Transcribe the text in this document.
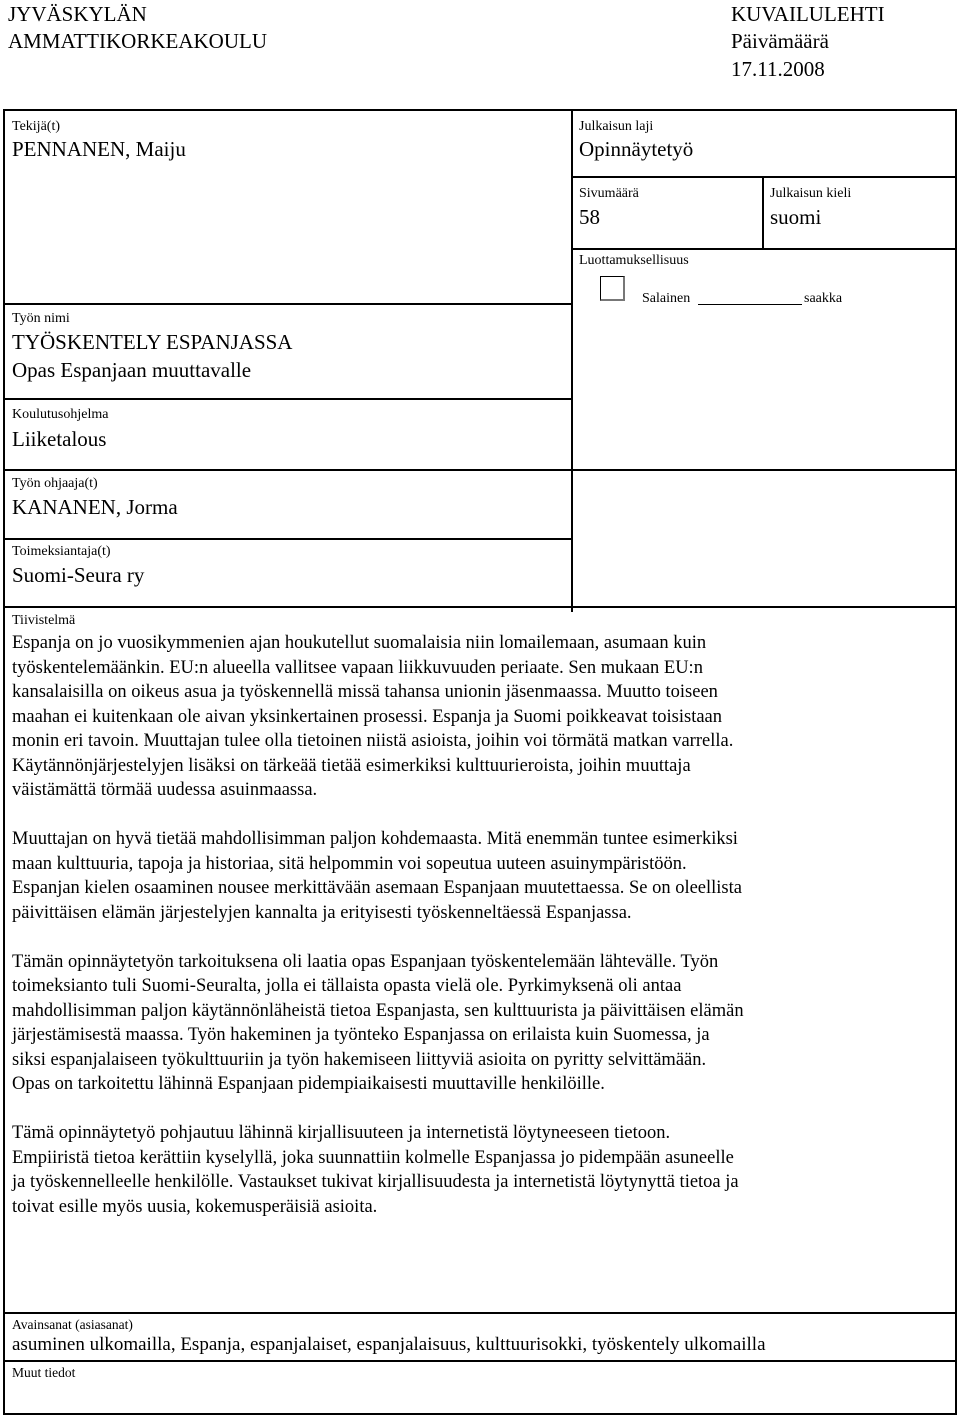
JYVÄSKYLÄN
AMMATTIKORKEAKOULU
KUVAILULEHTI
Päivämäärä
17.11.2008
Tekijä(t)
PENNANEN, Maiju
Työn nimi
TYÖSKENTELY ESPANJASSA
Opas Espanjaan muuttavalle
Koulutusohjelma
Liiketalous
Työn ohjaaja(t)
KANANEN, Jorma
Toimeksiantaja(t)
Suomi-Seura ry
Julkaisun laji
Opinnäytetyö
Sivumäärä
58
Julkaisun kieli
suomi
Luottamuksellisuus
Salainen	saakka
Tiivistelmä
Espanja on jo vuosikymmenien ajan houkutellut suomalaisia niin lomailemaan, asumaan kuin
työskentelemäänkin. EU:n alueella vallitsee vapaan liikkuvuuden periaate. Sen mukaan EU:n
kansalaisilla on oikeus asua ja työskennellä missä tahansa unionin jäsenmaassa. Muutto toiseen
maahan ei kuitenkaan ole aivan yksinkertainen prosessi. Espanja ja Suomi poikkeavat toisistaan
monin eri tavoin. Muuttajan tulee olla tietoinen niistä asioista, joihin voi törmätä matkan varrella.
Käytännönjärjestelyjen lisäksi on tärkeää tietää esimerkiksi kulttuurieroista, joihin muuttaja
väistämättä törmää uudessa asuinmaassa.
Muuttajan on hyvä tietää mahdollisimman paljon kohdemaasta. Mitä enemmän tuntee esimerkiksi
maan kulttuuria, tapoja ja historiaa, sitä helpommin voi sopeutua uuteen asuinympäristöön.
Espanjan kielen osaaminen nousee merkittävään asemaan Espanjaan muutettaessa. Se on oleellista
päivittäisen elämän järjestelyjen kannalta ja erityisesti työskenneltäessä Espanjassa.
Tämän opinnäytetyön tarkoituksena oli laatia opas Espanjaan työskentelemään lähtevälle. Työn
toimeksianto tuli Suomi-Seuralta, jolla ei tällaista opasta vielä ole. Pyrkimyksenä oli antaa
mahdollisimman paljon käytännönläheistä tietoa Espanjasta, sen kulttuurista ja päivittäisen elämän
järjestämisestä maassa. Työn hakeminen ja työnteko Espanjassa on erilaista kuin Suomessa, ja
siksi espanjalaiseen työkulttuuriin ja työn hakemiseen liittyviä asioita on pyritty selvittämään.
Opas on tarkoitettu lähinnä Espanjaan pidempiaikaisesti muuttaville henkilöille.
Tämä opinnäytetyö pohjautuu lähinnä kirjallisuuteen ja internetistä löytyneeseen tietoon.
Empiiristä tietoa kerättiin kyselyllä, joka suunnattiin kolmelle Espanjassa jo pidempään asuneelle
ja työskennelleelle henkilölle. Vastaukset tukivat kirjallisuudesta ja internetistä löytynyttä tietoa ja
toivat esille myös uusia, kokemusperäisiä asioita.
Avainsanat (asiasanat)
asuminen ulkomailla, Espanja, espanjalaiset, espanjalaisuus, kulttuurisokki, työskentely ulkomailla
Muut tiedot
